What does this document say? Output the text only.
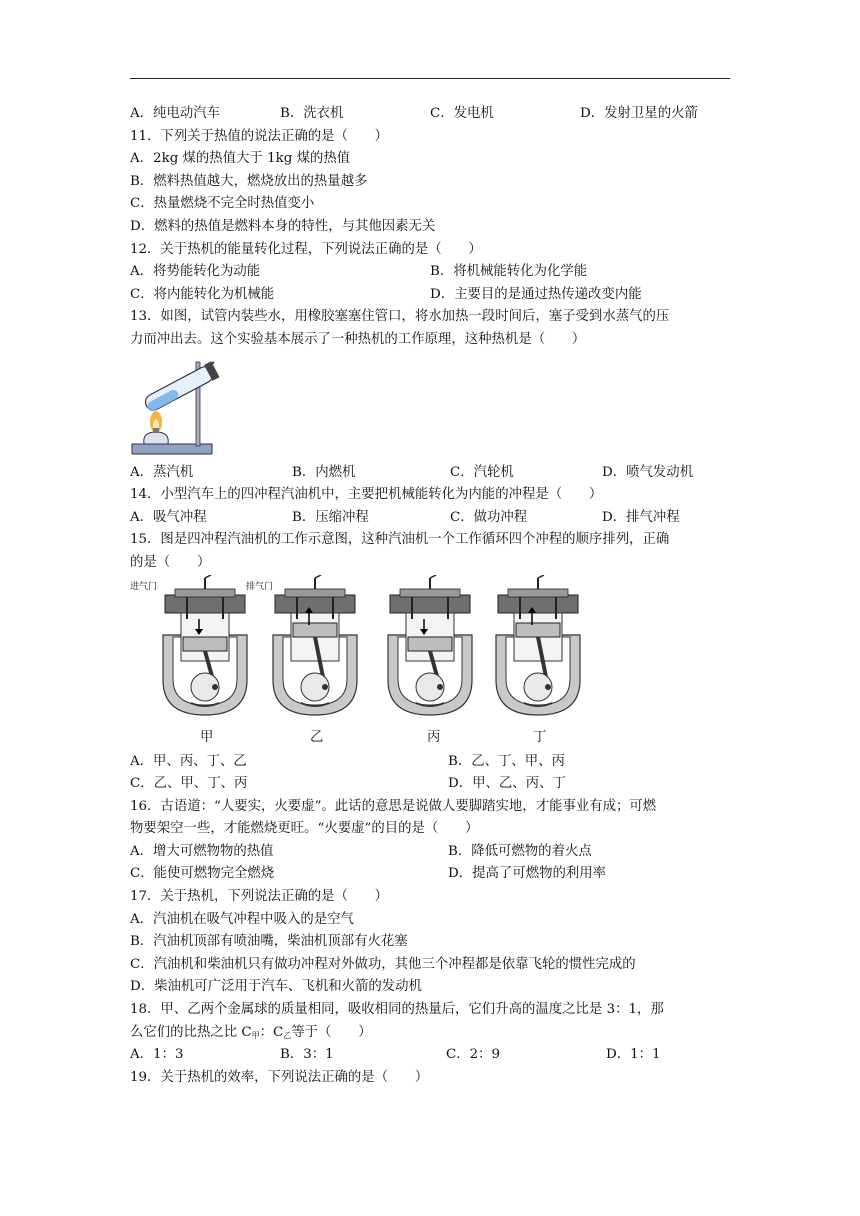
A．纯电动汽车	B．洗衣机	C．发电机	D．发射卫星的火箭
11．下列关于热值的说法正确的是（　　）
A．2kg 煤的热值大于 1kg 煤的热值
B．燃料热值越大，燃烧放出的热量越多
C．热量燃烧不完全时热值变小
D．燃料的热值是燃料本身的特性，与其他因素无关
12．关于热机的能量转化过程，下列说法正确的是（　　）
A．将势能转化为动能	B．将机械能转化为化学能
C．将内能转化为机械能	D．主要目的是通过热传递改变内能
13．如图，试管内装些水，用橡胶塞塞住管口，将水加热一段时间后，塞子受到水蒸气的压
力而冲出去。这个实验基本展示了一种热机的工作原理，这种热机是（　　）
A．蒸汽机	B．内燃机	C．汽轮机	D．喷气发动机
14．小型汽车上的四冲程汽油机中，主要把机械能转化为内能的冲程是（　　）
A．吸气冲程	B．压缩冲程	C．做功冲程	D．排气冲程
15．图是四冲程汽油机的工作示意图，这种汽油机一个工作循环四个冲程的顺序排列，正确
的是（　　）
进气门	排气门
甲	乙	丙	丁
A．甲、丙、丁、乙	B．乙、丁、甲、丙
C．乙、甲、丁、丙	D．甲、乙、丙、丁
16．古语道：“人要实，火要虚”。此话的意思是说做人要脚踏实地，才能事业有成；可燃
物要架空一些，才能燃烧更旺。“火要虚”的目的是（　　）
A．增大可燃物物的热值	B．降低可燃物的着火点
C．能使可燃物完全燃烧	D．提高了可燃物的利用率
17．关于热机，下列说法正确的是（　　）
A．汽油机在吸气冲程中吸入的是空气
B．汽油机顶部有喷油嘴，柴油机顶部有火花塞
C．汽油机和柴油机只有做功冲程对外做功，其他三个冲程都是依靠飞轮的惯性完成的
D．柴油机可广泛用于汽车、飞机和火箭的发动机
18．甲、乙两个金属球的质量相同，吸收相同的热量后，它们升高的温度之比是 3：1，那
么它们的比热之比 $C_甲$：$C_乙$等于（　　）
A．1：3	B．3：1	C．2：9	D．1：1
19．关于热机的效率，下列说法正确的是（　　）
